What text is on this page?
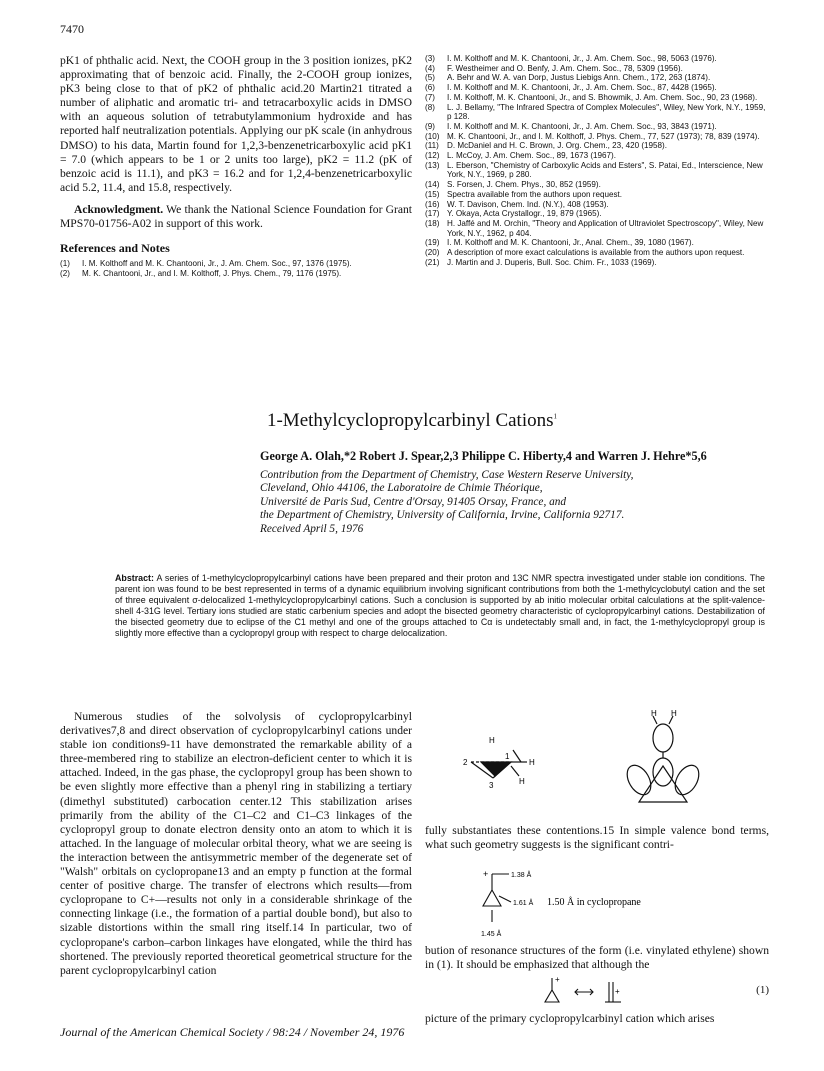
7470

pK1 of phthalic acid. Next, the COOH group in the 3 position ionizes, pK2 approximating that of benzoic acid. Finally, the 2-COOH group ionizes, pK3 being close to that of pK2 of phthalic acid.20 Martin21 titrated a number of aliphatic and aromatic tri- and tetracarboxylic acids in DMSO with an aqueous solution of tetrabutylammonium hydroxide and has reported half neutralization potentials. Applying our pK scale (in anhydrous DMSO) to his data, Martin found for 1,2,3-benzenetricarboxylic acid pK1 = 7.0 (which appears to be 1 or 2 units too large), pK2 = 11.2 (pK of benzoic acid is 11.1), and pK3 = 16.2 and for 1,2,4-benzenetricarboxylic acid 5.2, 11.4, and 15.8, respectively.

Acknowledgment. We thank the National Science Foundation for Grant MPS70-01756-A02 in support of this work.

References and Notes
(1)	I. M. Kolthoff and M. K. Chantooni, Jr., J. Am. Chem. Soc., 97, 1376 (1975).
(2)	M. K. Chantooni, Jr., and I. M. Kolthoff, J. Phys. Chem., 79, 1176 (1975).
(3)	I. M. Kolthoff and M. K. Chantooni, Jr., J. Am. Chem. Soc., 98, 5063 (1976).
(4)	F. Westheimer and O. Benfy, J. Am. Chem. Soc., 78, 5309 (1956).
(5)	A. Behr and W. A. van Dorp, Justus Liebigs Ann. Chem., 172, 263 (1874).
(6)	I. M. Kolthoff and M. K. Chantooni, Jr., J. Am. Chem. Soc., 87, 4428 (1965).
(7)	I. M. Kolthoff, M. K. Chantooni, Jr., and S. Bhowmik, J. Am. Chem. Soc., 90, 23 (1968).
(8)	L. J. Bellamy, "The Infrared Spectra of Complex Molecules", Wiley, New York, N.Y., 1959, p 128.
(9)	I. M. Kolthoff and M. K. Chantooni, Jr., J. Am. Chem. Soc., 93, 3843 (1971).
(10) M. K. Chantooni, Jr., and I. M. Kolthoff, J. Phys. Chem., 77, 527 (1973); 78, 839 (1974).
(11)	D. McDaniel and H. C. Brown, J. Org. Chem., 23, 420 (1958).
(12) L. McCoy, J. Am. Chem. Soc., 89, 1673 (1967).
(13) L. Eberson, "Chemistry of Carboxylic Acids and Esters", S. Patai, Ed., Interscience, New York, N.Y., 1969, p 280.
(14) S. Forsen, J. Chem. Phys., 30, 852 (1959).
(15) Spectra available from the authors upon request.
(16) W. T. Davison, Chem. Ind. (N.Y.), 408 (1953).
(17) Y. Okaya, Acta Crystallogr., 19, 879 (1965).
(18) H. Jaffé and M. Orchin, "Theory and Application of Ultraviolet Spectroscopy", Wiley, New York, N.Y., 1962, p 404.
(19) I. M. Kolthoff and M. K. Chantooni, Jr., Anal. Chem., 39, 1080 (1967).
(20) A description of more exact calculations is available from the authors upon request.
(21) J. Martin and J. Duperis, Bull. Soc. Chim. Fr., 1033 (1969).
1-Methylcyclopropylcarbinyl Cations$^1$
George A. Olah,*2 Robert J. Spear,2,3 Philippe C. Hiberty,4 and Warren J. Hehre*5,6
Contribution from the Department of Chemistry, Case Western Reserve University,
Cleveland, Ohio 44106, the Laboratoire de Chimie Théorique,
Université de Paris Sud, Centre d'Orsay, 91405 Orsay, France, and
the Department of Chemistry, University of California, Irvine, California 92717.
Received April 5, 1976
Abstract: A series of 1-methylcyclopropylcarbinyl cations have been prepared and their proton and 13C NMR spectra investigated under stable ion conditions. The parent ion was found to be best represented in terms of a dynamic equilibrium involving significant contributions from both the 1-methylcyclobutyl cation and the set of three equivalent σ-delocalized 1-methylcyclopropylcarbinyl cations. Such a conclusion is supported by ab initio molecular orbital calculations at the split-valence-shell 4-31G level. Tertiary ions studied are static carbenium species and adopt the bisected geometry characteristic of cyclopropylcarbinyl cations. Destabilization of the bisected geometry due to eclipse of the C1 methyl and one of the groups attached to Cα is undetectably small and, in fact, the 1-methylcyclopropyl group is slightly more effective than a cyclopropyl group with respect to charge delocalization.

Numerous studies of the solvolysis of cyclopropylcarbinyl derivatives7,8 and direct observation of cyclopropylcarbinyl cations under stable ion conditions9-11 have demonstrated the remarkable ability of a three-membered ring to stabilize an electron-deficient center to which it is attached. Indeed, in the gas phase, the cyclopropyl group has been shown to be even slightly more effective than a phenyl ring in stabilizing a tertiary (dimethyl substituted) carbocation center.12 This stabilization arises primarily from the ability of the C1–C2 and C1–C3 linkages of the cyclopropyl group to donate electron density onto an atom to which it is attached. In the language of molecular orbital theory, what we are seeing is the interaction between the antisymmetric member of the degenerate set of "Walsh" orbitals on cyclopropane13 and an empty p function at the formal center of positive charge. The transfer of electrons which results—from cyclopropane to C+—results not only in a considerable shrinkage of the connecting linkage (i.e., the formation of a partial double bond), but also to sizable distortions within the small ring itself.14 In particular, two of cyclopropane's carbon–carbon linkages have elongated, while the third has shortened. The previously reported theoretical geometrical structure for the parent cyclopropylcarbinyl cation

H
2
3
1
H
H
H H
fully substantiates these contentions.15 In simple valence bond terms, what such geometry suggests is the significant contri-
+	1.38 Å
1.61 Å
1.45 Å
1.50 Å in cyclopropane
bution of resonance structures of the form (i.e. vinylated ethylene) shown in (1). It should be emphasized that although the
+
+	(1)
picture of the primary cyclopropylcarbinyl cation which arises
Journal of the American Chemical Society / 98:24 / November 24, 1976
